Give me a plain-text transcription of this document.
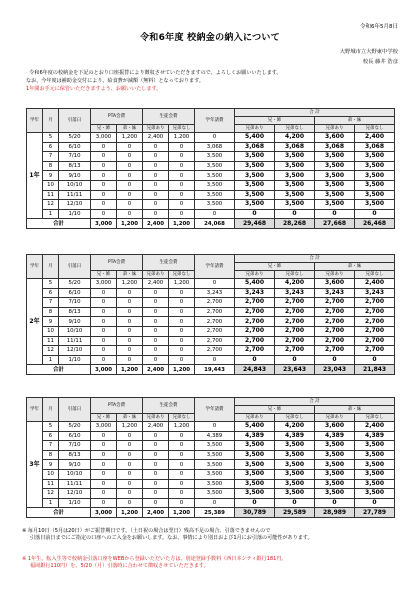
令和6年5月8日
令和6年度 校納金の納入について
大野城市立大野東中学校
校長 藤井 浩彦
令和6年度の校納金を下記のとおり口座振替により徴収させていただきますので、よろしくお願いいたします。
なお、今年度は補助金交付により、給食費が減額（無料）となっております。
1年間お手元に保管いただきますよう、お願いいたします。
学年	月	引落日	PTA会費		生徒会費		学年諸費	合 計			
								兄・姉		弟・妹	
			兄・姉	弟・妹	兄弟あり	兄弟なし		兄弟あり	兄弟なし	兄弟あり	兄弟なし
1年	5	5/20	3,000	1,200	2,400	1,200	0	5,400	4,200	3,600	2,400
	6	6/10	0	0	0	0	3,068	3,068	3,068	3,068	3,068
	7	7/10	0	0	0	0	3,500	3,500	3,500	3,500	3,500
	8	8/13	0	0	0	0	3,500	3,500	3,500	3,500	3,500
	9	9/10	0	0	0	0	3,500	3,500	3,500	3,500	3,500
	10	10/10	0	0	0	0	3,500	3,500	3,500	3,500	3,500
	11	11/11	0	0	0	0	3,500	3,500	3,500	3,500	3,500
	12	12/10	0	0	0	0	3,500	3,500	3,500	3,500	3,500
	1	1/10	0	0	0	0	0	0	0	0	0
合計			3,000	1,200	2,400	1,200	24,068	29,468	28,268	27,668	26,468
学年	月	引落日	PTA会費		生徒会費		学年諸費	合 計			
								兄・姉		弟・妹	
			兄・姉	弟・妹	兄弟あり	兄弟なし		兄弟あり	兄弟なし	兄弟あり	兄弟なし
2年	5	5/20	3,000	1,200	2,400	1,200	0	5,400	4,200	3,600	2,400
	6	6/10	0	0	0	0	3,243	3,243	3,243	3,243	3,243
	7	7/10	0	0	0	0	2,700	2,700	2,700	2,700	2,700
	8	8/13	0	0	0	0	2,700	2,700	2,700	2,700	2,700
	9	9/10	0	0	0	0	2,700	2,700	2,700	2,700	2,700
	10	10/10	0	0	0	0	2,700	2,700	2,700	2,700	2,700
	11	11/11	0	0	0	0	2,700	2,700	2,700	2,700	2,700
	12	12/10	0	0	0	0	2,700	2,700	2,700	2,700	2,700
	1	1/10	0	0	0	0	0	0	0	0	0
合計			3,000	1,200	2,400	1,200	19,443	24,843	23,643	23,043	21,843
学年	月	引落日	PTA会費		生徒会費		学年諸費	合 計			
								兄・姉		弟・妹	
			兄・姉	弟・妹	兄弟あり	兄弟なし		兄弟あり	兄弟なし	兄弟あり	兄弟なし
3年	5	5/20	3,000	1,200	2,400	1,200	0	5,400	4,200	3,600	2,400
	6	6/10	0	0	0	0	4,389	4,389	4,389	4,389	4,389
	7	7/10	0	0	0	0	3,500	3,500	3,500	3,500	3,500
	8	8/13	0	0	0	0	3,500	3,500	3,500	3,500	3,500
	9	9/10	0	0	0	0	3,500	3,500	3,500	3,500	3,500
	10	10/10	0	0	0	0	3,500	3,500	3,500	3,500	3,500
	11	11/11	0	0	0	0	3,500	3,500	3,500	3,500	3,500
	12	12/10	0	0	0	0	3,500	3,500	3,500	3,500	3,500
	1	1/10	0	0	0	0	0	0	0	0	0
合計			3,000	1,200	2,400	1,200	25,389	30,789	29,589	28,989	27,789
※ 毎月10日（5月は20日）がご振替期日です。（土日祝の場合は翌日）残高不足の場合、引落できませんので
引落日前日までにご指定の口座へのご入金をお願いします。なお、事情により別日および1月にお引落の可能性があります。
※ 1年生、転入生等で校納金引落口座をWEBから登録いただいた方は、別途登録手数料（西日本シティ銀行181円、
福岡銀行110円）を、5/20（月）引落時に合わせて徴収させていただきます。
